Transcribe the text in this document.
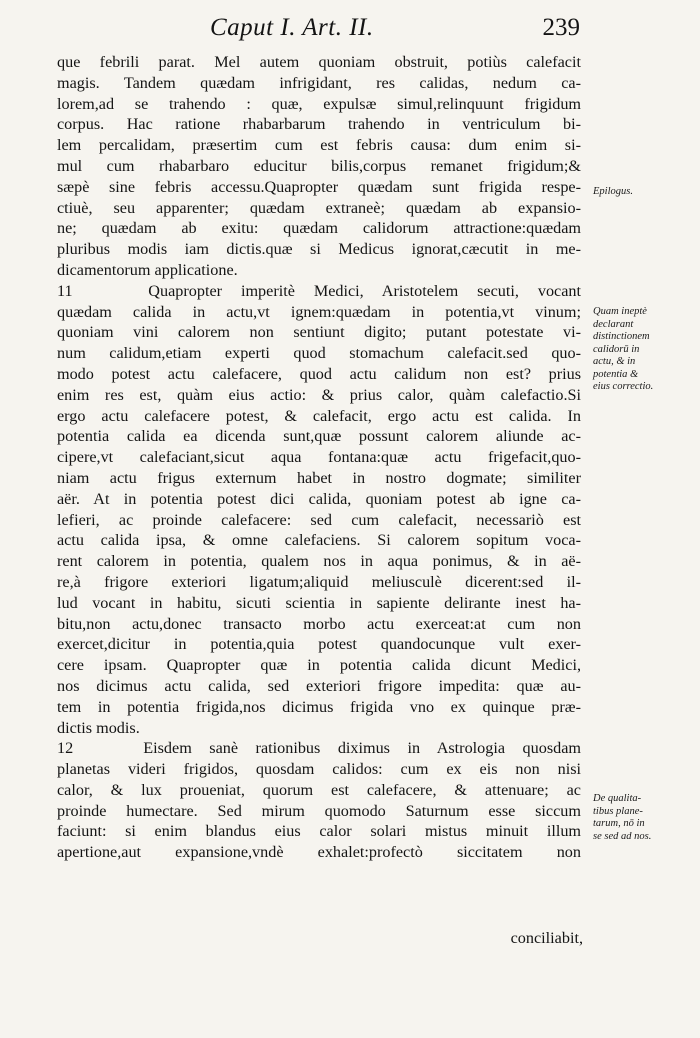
Caput I. Art. II.	239
que febrili parat. Mel autem quoniam obstruit, potiùs calefacit
magis. Tandem quædam infrigidant, res calidas, nedum ca-
lorem,ad se trahendo : quæ, expulsæ simul,relinquunt frigidum
corpus. Hac ratione rhabarbarum trahendo in ventriculum bi-
lem percalidam, præsertim cum est febris causa: dum enim si-
mul cum rhabarbaro educitur bilis,corpus remanet frigidum;&
sæpè sine febris accessu.Quapropter quædam sunt frigida respe-
ctiuè, seu apparenter; quædam extraneè; quædam ab expansio-
ne; quædam ab exitu: quædam calidorum attractione:quædam
pluribus modis iam dictis.quæ si Medicus ignorat,cæcutit in me-
dicamentorum applicatione.
11    Quapropter imperitè Medici, Aristotelem secuti, vocant
quædam calida in actu,vt ignem:quædam in potentia,vt vinum;
quoniam vini calorem non sentiunt digito; putant potestate vi-
num calidum,etiam experti quod stomachum calefacit.sed quo-
modo potest actu calefacere, quod actu calidum non est? prius
enim res est, quàm eius actio: & prius calor, quàm calefactio.Si
ergo actu calefacere potest, & calefacit, ergo actu est calida. In
potentia calida ea dicenda sunt,quæ possunt calorem aliunde ac-
cipere,vt calefaciant,sicut aqua fontana:quæ actu frigefacit,quo-
niam actu frigus externum habet in nostro dogmate; similiter
aër. At in potentia potest dici calida, quoniam potest ab igne ca-
lefieri, ac proinde calefacere: sed cum calefacit, necessariò est
actu calida ipsa, & omne calefaciens. Si calorem sopitum voca-
rent calorem in potentia, qualem nos in aqua ponimus, & in aë-
re,à frigore exteriori ligatum;aliquid meliusculè dicerent:sed il-
lud vocant in habitu, sicuti scientia in sapiente delirante inest ha-
bitu,non actu,donec transacto morbo actu exerceat:at cum non
exercet,dicitur in potentia,quia potest quandocunque vult exer-
cere ipsam. Quapropter quæ in potentia calida dicunt Medici,
nos dicimus actu calida, sed exteriori frigore impedita: quæ au-
tem in potentia frigida,nos dicimus frigida vno ex quinque præ-
dictis modis.
12    Eisdem sanè rationibus diximus in Astrologia quosdam
planetas videri frigidos, quosdam calidos: cum ex eis non nisi
calor, & lux proueniat, quorum est calefacere, & attenuare; ac
proinde humectare. Sed mirum quomodo Saturnum esse siccum
faciunt: si enim blandus eius calor solari mistus minuit illum
apertione,aut expansione,vndè exhalet:profectò siccitatem non
conciliabit,
Epilogus.
Quam ineptè
declarant
distinctionem
calidorū in
actu, & in
potentia &
eius correctio.
De qualita-
tibus plane-
tarum, nō in
se sed ad nos.
